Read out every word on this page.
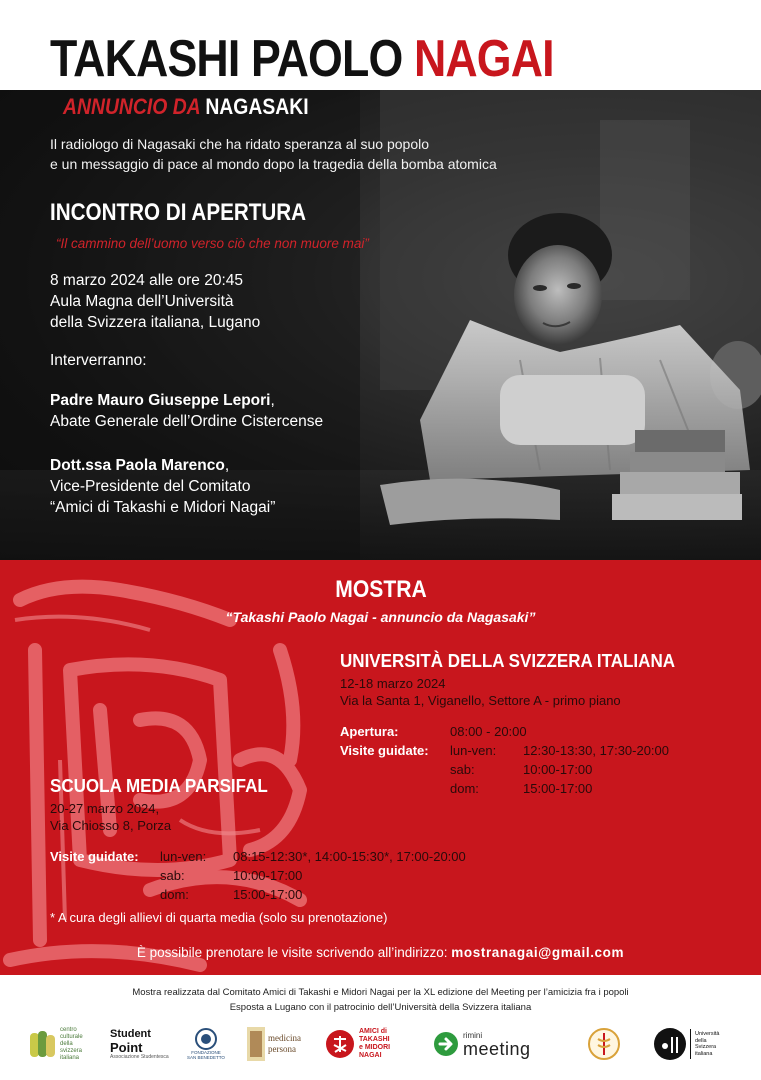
TAKASHI PAOLO NAGAI
ANNUNCIO DA NAGASAKI
Il radiologo di Nagasaki che ha ridato speranza al suo popolo
e un messaggio di pace al mondo dopo la tragedia della bomba atomica
INCONTRO DI APERTURA
“Il cammino dell’uomo verso ciò che non muore mai”
8 marzo 2024 alle ore 20:45
Aula Magna dell’Università
della Svizzera italiana, Lugano
Interverranno:
Padre Mauro Giuseppe Lepori,
Abate Generale dell’Ordine Cistercense
Dott.ssa Paola Marenco,
Vice-Presidente del Comitato
“Amici di Takashi e Midori Nagai”
MOSTRA
“Takashi Paolo Nagai - annuncio da Nagasaki”
UNIVERSITÀ DELLA SVIZZERA ITALIANA
12-18 marzo 2024
Via la Santa 1, Viganello, Settore A - primo piano
Apertura:	08:00 - 20:00
Visite guidate: lun-ven: 12:30-13:30, 17:30-20:00
sab:	10:00-17:00
dom:	15:00-17:00
SCUOLA MEDIA PARSIFAL
20-27 marzo 2024,
Via Chiosso 8, Porza
Visite guidate: lun-ven: 08:15-12:30*, 14:00-15:30*, 17:00-20:00
sab:	10:00-17:00
dom:	15:00-17:00
* A cura degli allievi di quarta media (solo su prenotazione)
È possibile prenotare le visite scrivendo all’indirizzo: mostranagai@gmail.com
Mostra realizzata dal Comitato Amici di Takashi e Midori Nagai per la XL edizione del Meeting per l’amicizia fra i popoli
Esposta a Lugano con il patrocinio dell’Università della Svizzera italiana
centro
culturale
della
svizzera
italiana
Student
Point
Associazione Studentesca
FONDAZIONE
SAN BENEDETTO
medicina
persona
AMICI di
TAKASHI
e MIDORI
NAGAI
rimini
meeting
Università
della
Svizzera
italiana
